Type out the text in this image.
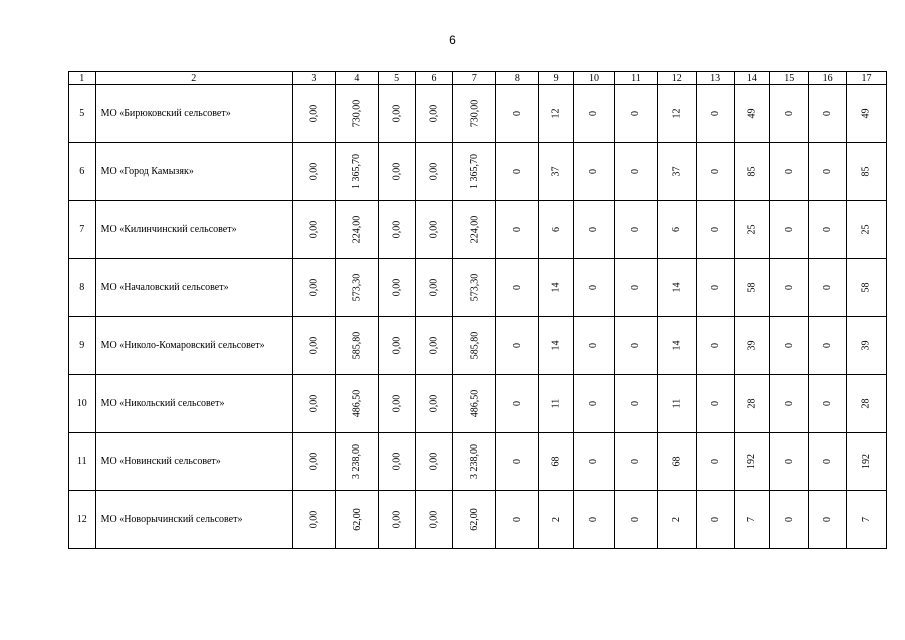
6
1	2	3	4	5	6	7	8	9	10	11	12	13	14	15	16	17
5	МО «Бирюковский сельсовет»	0,00	730,00	0,00	0,00	730,00	0	12	0	0	12	0	49	0	0	49
6	МО «Город Камызяк»	0,00	1 365,70	0,00	0,00	1 365,70	0	37	0	0	37	0	85	0	0	85
7	МО «Килинчинский сельсовет»	0,00	224,00	0,00	0,00	224,00	0	6	0	0	6	0	25	0	0	25
8	МО «Началовский сельсовет»	0,00	573,30	0,00	0,00	573,30	0	14	0	0	14	0	58	0	0	58
9	МО «Николо-Комаровский сельсовет»	0,00	585,80	0,00	0,00	585,80	0	14	0	0	14	0	39	0	0	39
10	МО «Никольский сельсовет»	0,00	486,50	0,00	0,00	486,50	0	11	0	0	11	0	28	0	0	28
11	МО «Новинский сельсовет»	0,00	3 238,00	0,00	0,00	3 238,00	0	68	0	0	68	0	192	0	0	192
12	МО «Новорычинский сельсовет»	0,00	62,00	0,00	0,00	62,00	0	2	0	0	2	0	7	0	0	7
